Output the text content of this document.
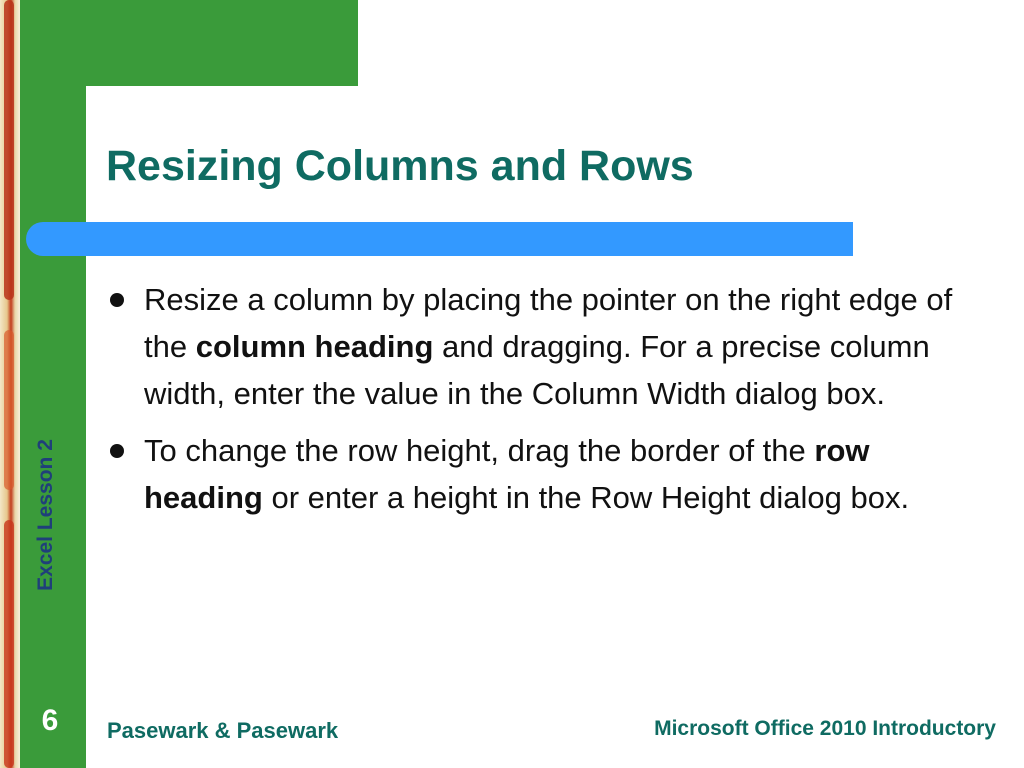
Resizing Columns and Rows
Resize a column by placing the pointer on the right edge of the column heading and dragging. For a precise column width, enter the value in the Column Width dialog box.
To change the row height, drag the border of the row heading or enter a height in the Row Height dialog box.
Excel Lesson 2
6	Pasewark & Pasewark	Microsoft Office 2010 Introductory
